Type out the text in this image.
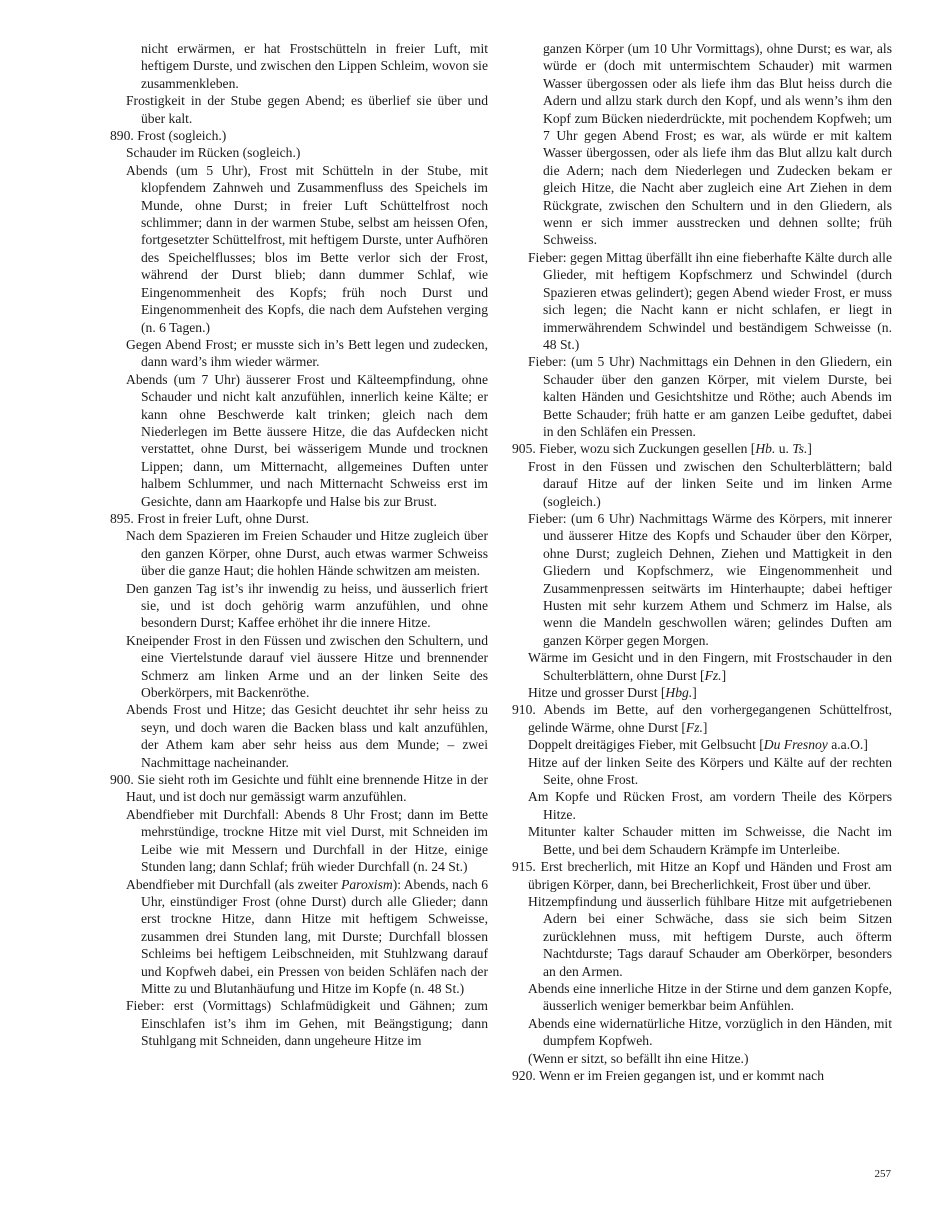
nicht erwärmen, er hat Frostschütteln in freier Luft, mit heftigem Durste, und zwischen den Lippen Schleim, wovon sie zusammenkleben.

Frostigkeit in der Stube gegen Abend; es überlief sie über und über kalt.

890. Frost (sogleich.)

Schauder im Rücken (sogleich.)

Abends (um 5 Uhr), Frost mit Schütteln in der Stube, mit klopfendem Zahnweh und Zusammenfluss des Speichels im Munde, ohne Durst; in freier Luft Schüttelfrost noch schlimmer; dann in der warmen Stube, selbst am heissen Ofen, fortgesetzter Schüttelfrost, mit heftigem Durste, unter Aufhören des Speichelflusses; blos im Bette verlor sich der Frost, während der Durst blieb; dann dummer Schlaf, wie Eingenommenheit des Kopfs; früh noch Durst und Eingenommenheit des Kopfs, die nach dem Aufstehen verging (n. 6 Tagen.)

Gegen Abend Frost; er musste sich in’s Bett legen und zudecken, dann ward’s ihm wieder wärmer.

Abends (um 7 Uhr) äusserer Frost und Kälteempfindung, ohne Schauder und nicht kalt anzufühlen, innerlich keine Kälte; er kann ohne Beschwerde kalt trinken; gleich nach dem Niederlegen im Bette äussere Hitze, die das Aufdecken nicht verstattet, ohne Durst, bei wässerigem Munde und trocknen Lippen; dann, um Mitternacht, allgemeines Duften unter halbem Schlummer, und nach Mitternacht Schweiss erst im Gesichte, dann am Haarkopfe und Halse bis zur Brust.

895. Frost in freier Luft, ohne Durst.

Nach dem Spazieren im Freien Schauder und Hitze zugleich über den ganzen Körper, ohne Durst, auch etwas warmer Schweiss über die ganze Haut; die hohlen Hände schwitzen am meisten.

Den ganzen Tag ist’s ihr inwendig zu heiss, und äusserlich friert sie, und ist doch gehörig warm anzufühlen, und ohne besondern Durst; Kaffee erhöhet ihr die innere Hitze.

Kneipender Frost in den Füssen und zwischen den Schultern, und eine Viertelstunde darauf viel äussere Hitze und brennender Schmerz am linken Arme und an der linken Seite des Oberkörpers, mit Backenröthe.

Abends Frost und Hitze; das Gesicht deuchtet ihr sehr heiss zu seyn, und doch waren die Backen blass und kalt anzufühlen, der Athem kam aber sehr heiss aus dem Munde; – zwei Nachmittage nacheinander.

900. Sie sieht roth im Gesichte und fühlt eine brennende Hitze in der Haut, und ist doch nur gemässigt warm anzufühlen.

Abendfieber mit Durchfall: Abends 8 Uhr Frost; dann im Bette mehrstündige, trockne Hitze mit viel Durst, mit Schneiden im Leibe wie mit Messern und Durchfall in der Hitze, einige Stunden lang; dann Schlaf; früh wieder Durchfall (n. 24 St.)

Abendfieber mit Durchfall (als zweiter Paroxism): Abends, nach 6 Uhr, einstündiger Frost (ohne Durst) durch alle Glieder; dann erst trockne Hitze, dann Hitze mit heftigem Schweisse, zusammen drei Stunden lang, mit Durste; Durchfall blossen Schleims bei heftigem Leibschneiden, mit Stuhlzwang darauf und Kopfweh dabei, ein Pressen von beiden Schläfen nach der Mitte zu und Blutanhäufung und Hitze im Kopfe (n. 48 St.)

Fieber: erst (Vormittags) Schlafmüdigkeit und Gähnen; zum Einschlafen ist’s ihm im Gehen, mit Beängstigung; dann Stuhlgang mit Schneiden, dann ungeheure Hitze im

ganzen Körper (um 10 Uhr Vormittags), ohne Durst; es war, als würde er (doch mit untermischtem Schauder) mit warmen Wasser übergossen oder als liefe ihm das Blut heiss durch die Adern und allzu stark durch den Kopf, und als wenn’s ihm den Kopf zum Bücken niederdrückte, mit pochendem Kopfweh; um 7 Uhr gegen Abend Frost; es war, als würde er mit kaltem Wasser übergossen, oder als liefe ihm das Blut allzu kalt durch die Adern; nach dem Niederlegen und Zudecken bekam er gleich Hitze, die Nacht aber zugleich eine Art Ziehen in dem Rückgrate, zwischen den Schultern und in den Gliedern, als wenn er sich immer ausstrecken und dehnen sollte; früh Schweiss.

Fieber: gegen Mittag überfällt ihn eine fieberhafte Kälte durch alle Glieder, mit heftigem Kopfschmerz und Schwindel (durch Spazieren etwas gelindert); gegen Abend wieder Frost, er muss sich legen; die Nacht kann er nicht schlafen, er liegt in immerwährendem Schwindel und beständigem Schweisse (n. 48 St.)

Fieber: (um 5 Uhr) Nachmittags ein Dehnen in den Gliedern, ein Schauder über den ganzen Körper, mit vielem Durste, bei kalten Händen und Gesichtshitze und Röthe; auch Abends im Bette Schauder; früh hatte er am ganzen Leibe geduftet, dabei in den Schläfen ein Pressen.

905. Fieber, wozu sich Zuckungen gesellen [Hb. u. Ts.]

Frost in den Füssen und zwischen den Schulterblättern; bald darauf Hitze auf der linken Seite und im linken Arme (sogleich.)

Fieber: (um 6 Uhr) Nachmittags Wärme des Körpers, mit innerer und äusserer Hitze des Kopfs und Schauder über den Körper, ohne Durst; zugleich Dehnen, Ziehen und Mattigkeit in den Gliedern und Kopfschmerz, wie Eingenommenheit und Zusammenpressen seitwärts im Hinterhaupte; dabei heftiger Husten mit sehr kurzem Athem und Schmerz im Halse, als wenn die Mandeln geschwollen wären; gelindes Duften am ganzen Körper gegen Morgen.

Wärme im Gesicht und in den Fingern, mit Frostschauder in den Schulterblättern, ohne Durst [Fz.]

Hitze und grosser Durst [Hbg.]

910. Abends im Bette, auf den vorhergegangenen Schüttelfrost, gelinde Wärme, ohne Durst [Fz.]

Doppelt dreitägiges Fieber, mit Gelbsucht [Du Fresnoy a.a.O.]

Hitze auf der linken Seite des Körpers und Kälte auf der rechten Seite, ohne Frost.

Am Kopfe und Rücken Frost, am vordern Theile des Körpers Hitze.

Mitunter kalter Schauder mitten im Schweisse, die Nacht im Bette, und bei dem Schaudern Krämpfe im Unterleibe.

915. Erst brecherlich, mit Hitze an Kopf und Händen und Frost am übrigen Körper, dann, bei Brecherlichkeit, Frost über und über.

Hitzempfindung und äusserlich fühlbare Hitze mit aufgetriebenen Adern bei einer Schwäche, dass sie sich beim Sitzen zurücklehnen muss, mit heftigem Durste, auch öfterm Nachtdurste; Tags darauf Schauder am Oberkörper, besonders an den Armen.

Abends eine innerliche Hitze in der Stirne und dem ganzen Kopfe, äusserlich weniger bemerkbar beim Anfühlen.

Abends eine widernatürliche Hitze, vorzüglich in den Händen, mit dumpfem Kopfweh.

(Wenn er sitzt, so befällt ihn eine Hitze.)

920. Wenn er im Freien gegangen ist, und er kommt nach

257
